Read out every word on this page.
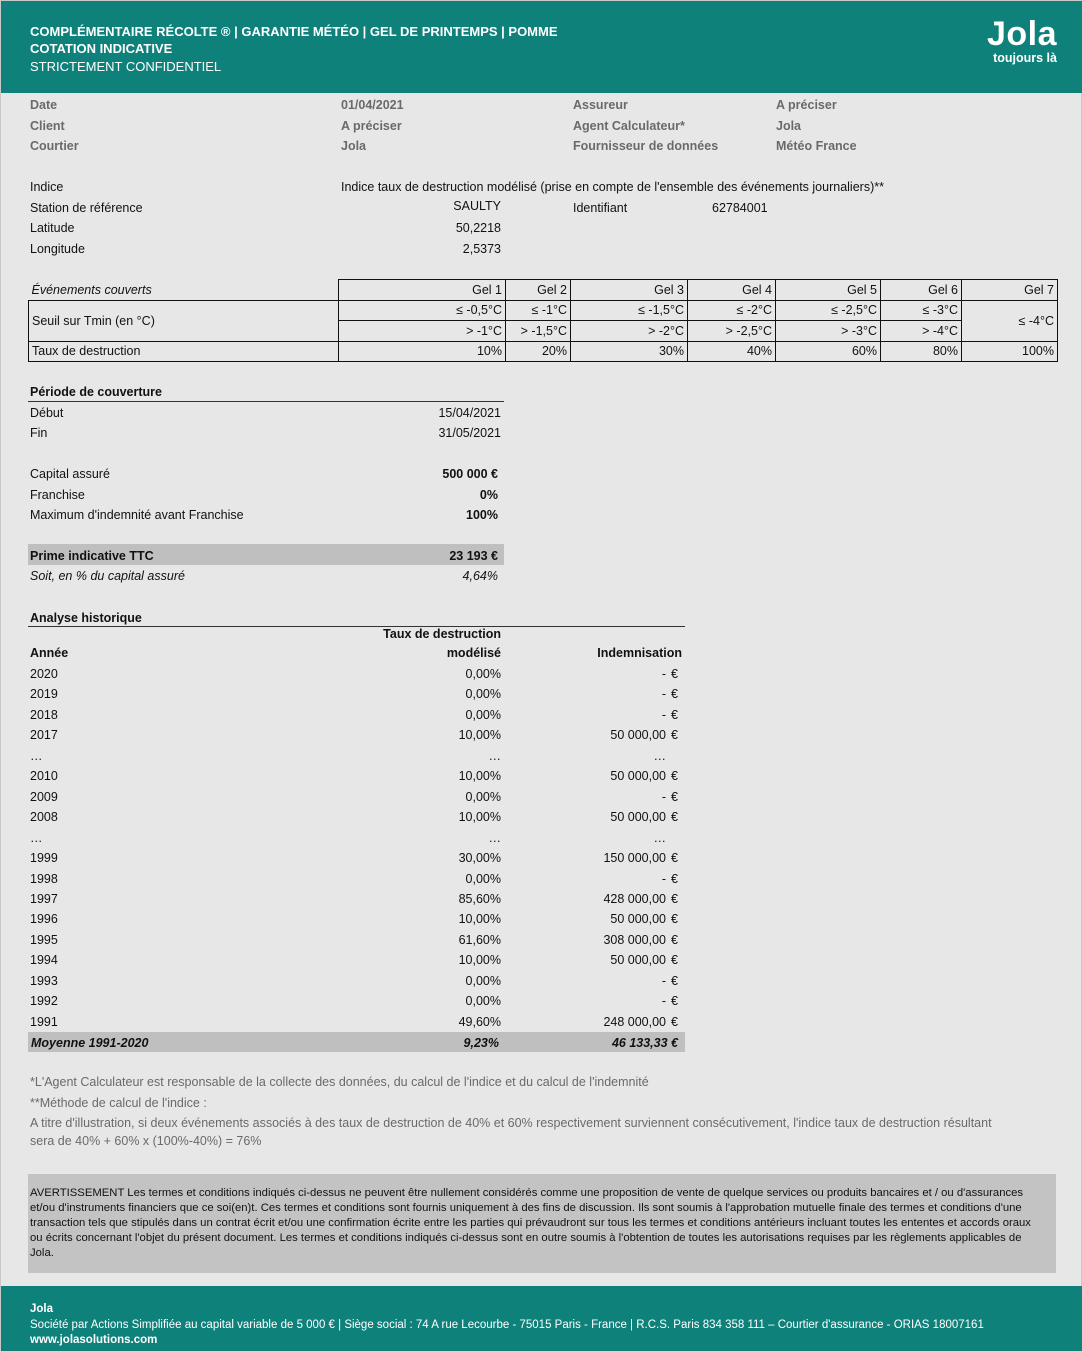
COMPLÉMENTAIRE RÉCOLTE ® | GARANTIE MÉTÉO | GEL DE PRINTEMPS | POMME
COTATION INDICATIVE
STRICTEMENT CONFIDENTIEL
Jola
toujours là
Date	01/04/2021	Assureur	A préciser
Client	A préciser	Agent Calculateur*	Jola
Courtier	Jola	Fournisseur de données	Météo France
Indice	Indice taux de destruction modélisé (prise en compte de l'ensemble des événements journaliers)**
Station de référence	SAULTY	Identifiant	62784001
Latitude	50,2218
Longitude	2,5373
Événements couverts	Gel 1	Gel 2	Gel 3	Gel 4	Gel 5	Gel 6	Gel 7
Seuil sur Tmin (en °C)	≤ -0,5°C	≤ -1°C	≤ -1,5°C	≤ -2°C	≤ -2,5°C	≤ -3°C	≤ -4°C
	> -1°C	> -1,5°C	> -2°C	> -2,5°C	> -3°C	> -4°C	
Taux de destruction	10%	20%	30%	40%	60%	80%	100%
Période de couverture
Début	15/04/2021
Fin	31/05/2021
Capital assuré	500 000 €
Franchise	0%
Maximum d'indemnité avant Franchise	100%
Prime indicative TTC	23 193 €
Soit, en % du capital assuré	4,64%
Analyse historique
Taux de destruction
Année	modélisé	Indemnisation
2020	0,00%	- €
2019	0,00%	- €
2018	0,00%	- €
2017	10,00%	50 000,00 €
…	…	…
2010	10,00%	50 000,00 €
2009	0,00%	- €
2008	10,00%	50 000,00 €
…	…	…
1999	30,00%	150 000,00 €
1998	0,00%	- €
1997	85,60%	428 000,00 €
1996	10,00%	50 000,00 €
1995	61,60%	308 000,00 €
1994	10,00%	50 000,00 €
1993	0,00%	- €
1992	0,00%	- €
1991	49,60%	248 000,00 €
Moyenne 1991-2020	9,23%	46 133,33 €
*L'Agent Calculateur est responsable de la collecte des données, du calcul de l'indice et du calcul de l'indemnité
**Méthode de calcul de l'indice :
A titre d'illustration, si deux événements associés à des taux de destruction de 40% et 60% respectivement surviennent consécutivement, l'indice taux de destruction résultant
sera de 40% + 60% x (100%-40%) = 76%
AVERTISSEMENT Les termes et conditions indiqués ci-dessus ne peuvent être nullement considérés comme une proposition de vente de quelque services ou produits bancaires et / ou d'assurances et/ou d'instruments financiers que ce soi(en)t. Ces termes et conditions sont fournis uniquement à des fins de discussion. Ils sont soumis à l'approbation mutuelle finale des termes et conditions d'une transaction tels que stipulés dans un contrat écrit et/ou une confirmation écrite entre les parties qui prévaudront sur tous les termes et conditions antérieurs incluant toutes les ententes et accords oraux ou écrits concernant l'objet du présent document. Les termes et conditions indiqués ci-dessus sont en outre soumis à l'obtention de toutes les autorisations requises par les règlements applicables de Jola.
Jola
Société par Actions Simplifiée au capital variable de 5 000 € | Siège social : 74 A rue Lecourbe - 75015 Paris - France | R.C.S. Paris 834 358 111 – Courtier d'assurance - ORIAS 18007161
www.jolasolutions.com
